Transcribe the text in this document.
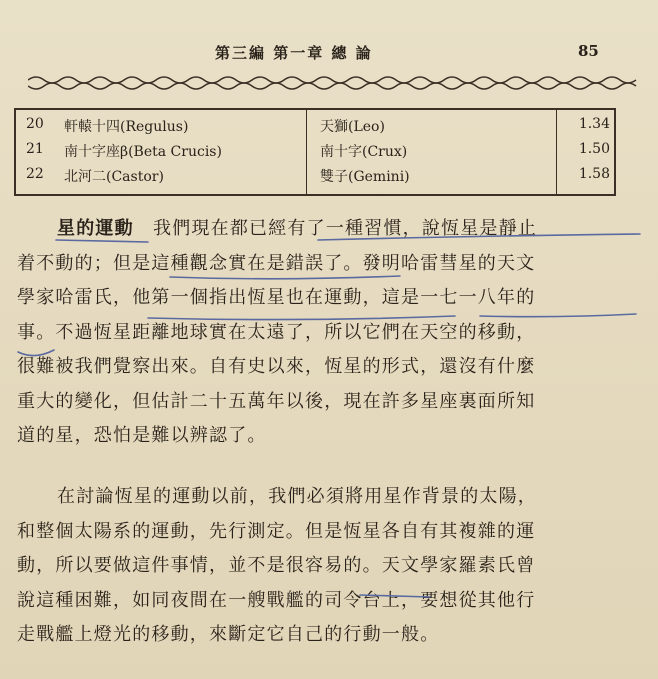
第三編 第一章 總 論	85
20	軒轅十四(Regulus)	天獅(Leo)	1.34
21	南十字座β(Beta Crucis)	南十字(Crux)	1.50
22	北河二(Castor)	雙子(Gemini)	1.58
星的運動　 我們現在都已經有了一種習慣，說恆星是靜止
着不動的；但是這種觀念實在是錯誤了。發明哈雷彗星的天文
學家哈雷氏，他第一個指出恆星也在運動，這是一七一八年的
事。不過恆星距離地球實在太遠了，所以它們在天空的移動，
很難被我們覺察出來。自有史以來，恆星的形式，還沒有什麼
重大的變化，但估計二十五萬年以後，現在許多星座裏面所知
道的星，恐怕是難以辨認了。
在討論恆星的運動以前，我們必須將用星作背景的太陽，
和整個太陽系的運動，先行測定。但是恆星各自有其複雜的運
動，所以要做這件事情，並不是很容易的。天文學家羅素氏曾
說這種困難，如同夜間在一艘戰艦的司令台上，要想從其他行
走戰艦上燈光的移動，來斷定它自己的行動一般。
